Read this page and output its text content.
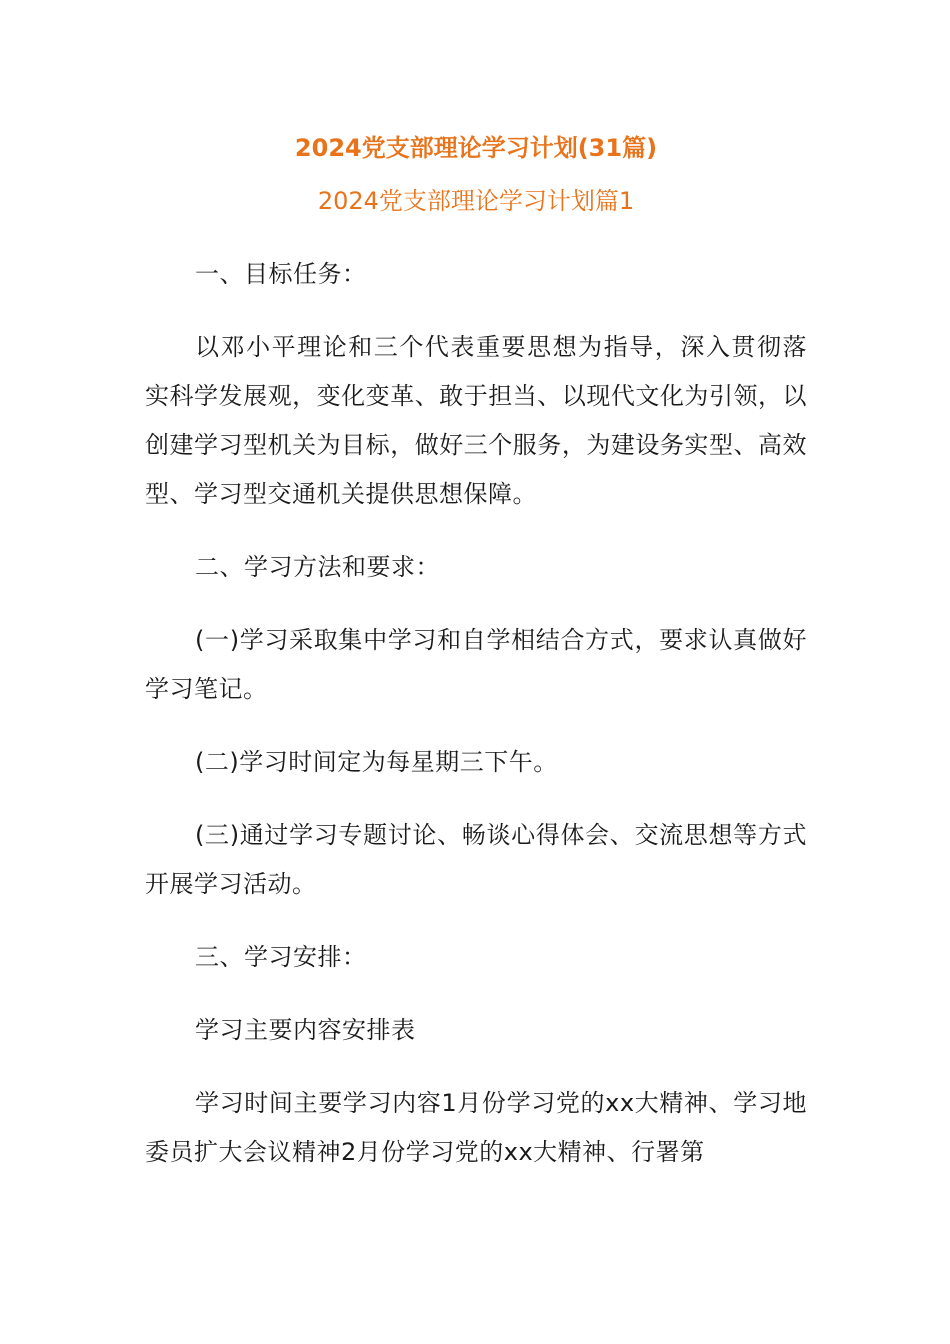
2024党支部理论学习计划(31篇)

2024党支部理论学习计划篇1

一、目标任务：

以邓小平理论和三个代表重要思想为指导，深入贯彻落实科学发展观，变化变革、敢于担当、以现代文化为引领，以创建学习型机关为目标，做好三个服务，为建设务实型、高效型、学习型交通机关提供思想保障。

二、学习方法和要求：

(一)学习采取集中学习和自学相结合方式，要求认真做好学习笔记。

(二)学习时间定为每星期三下午。

(三)通过学习专题讨论、畅谈心得体会、交流思想等方式开展学习活动。

三、学习安排：

学习主要内容安排表

学习时间主要学习内容1月份学习党的xx大精神、学习地委员扩大会议精神2月份学习党的xx大精神、行署第
